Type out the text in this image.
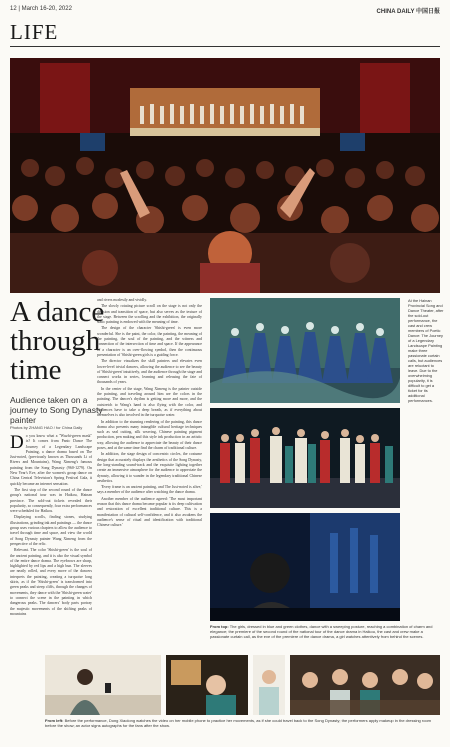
12 | March 16-20, 2022	CHINA DAILY 中国日报
LIFE
A dance through time
Audience taken on a journey to Song Dynasty painter
Photos by ZHANG HAO / for China Daily
D o you know what a "Wuzhi-green mask" is? It comes from Panic Dance The Journey of a Legendary Landscape Painting, a dance drama based on The Just-noted, (previously known as Thousands Li of Rivers and Mountains), Wang Ximeng's famous painting from the Song Dynasty (960-1279). On New Year's Eve, after the women's group dance on China Central Television's Spring Festival Gala, it quickly became an internet sensation.

The first stop of the second round of the dance group's national tour was in Haikou, Hainan province. The sold-out tickets revealed their popularity, so consequently, four extra performances were scheduled for Haikou.

Displaying scrolls, finding stones, studying illustrations, grinding ink and paintings — the dance group uses various chapters to allow the audience to travel through time and space, and view the world of Song Dynasty painter Wang Ximeng from the perspective of the relic.

Relevant. The color 'Shishi-green' is the soul of the ancient painting, and it is also the visual symbol of the entire dance drama. The eyebrows are sharp, highlighted by red lips and a high bun. The sleeves are neatly rolled, and every move of the dancers interprets the painting, creating a turquoise long skirts, as if the 'Shishi-green' is transformed into green peaks and steep cliffs, through the changes of movements, they dance with the 'Shishi-green water' to connect the scene in the painting in which dangerous peaks. The dancers' body parts portray the majestic movements of the shifting peaks of mountains

and rivers modestly and vividly.

The slowly rotating picture scroll on the stage is not only the division and transition of space, but also serves as the texture of the stage. Between the scrolling and the exhibition, the originally static painting is endowed with the meaning of time.

The design of the character 'Shishi-green' is even more wonderful. She is the paint, the color, the painting, the meaning of the painting, the soul of the painting, and the witness and connection of the intersection of time and space. If the appearance of a character is an over-flowing symbol, then the continuous presentation of 'Shishi-green girls is a guiding force.

The director visualizes the skill painters and elevates even lower-level trivial dancers, allowing the audience to see the beauty of 'Shishi-green' intuitively, and the audience through the stage and connect works in series, learning and releasing the fate of thousands of years.

In the center of the stage, Wang Ximeng is the painter outside the painting, and traveling around him are the colors in the painting. The dancer's rhythm is getting more and more, and the outstretch to Wang's hand is also flying with the color, and audiences have to take a deep breath, as if everything about themselves is also involved in the turquoise water.

In addition to the stunning rendering of the painting, this dance drama also presents many intangible cultural heritage techniques such as seal cutting, silk weaving, Chinese painting pigment production, pen making and this style ink production in an artistic way, allowing the audience to appreciate the beauty of their dance poses, and at the same time find the charm of traditional culture.

In addition, the stage design of concentric circles, the costume design that accurately displays the aesthetics of the Song Dynasty, the long-standing sound-track and the exquisite lighting together create an immersive atmosphere for the audience to appreciate the dynasty, allowing it to wander in the legendary traditional Chinese aesthetics.

'Every frame is an ancient painting, and The Just-noted is alive,' says a member of the audience after watching the dance drama.

Another member of the audience agreed: 'The most important reason that this dance drama became popular is its deep cultivation and restoration of excellent traditional culture. This is a manifestation of cultural self-confidence, and it also awakens the audience's sense of ritual and identification with traditional Chinese culture.'

At the Hainan Provincial Song and Dance Theater, after the sold-out performance, the cast and crew members of Poetic Dance: The Journey of a Legendary Landscape Painting make three passionate curtain calls, but audiences are reluctant to leave. Due to the overwhelming popularity, it is difficult to get a ticket for its additional performances.
From top: The girls, dressed in blue and green clothes, dance with a sweeping posture, reaching a combination of charm and elegance; the premiere of the second round of the national tour of the dance drama in Haikou, the cast and crew make a passionate curtain call, as the eve of the premiere of the dance drama, a girl watches attentively from behind the scenes.
From left: Before the performance, Dong Xiaolong watches the video on her mobile phone to practice her movements, as if she could travel back to the Song Dynasty; the performers apply makeup in the dressing room before the show; an actor signs autographs for the fans after the show.
